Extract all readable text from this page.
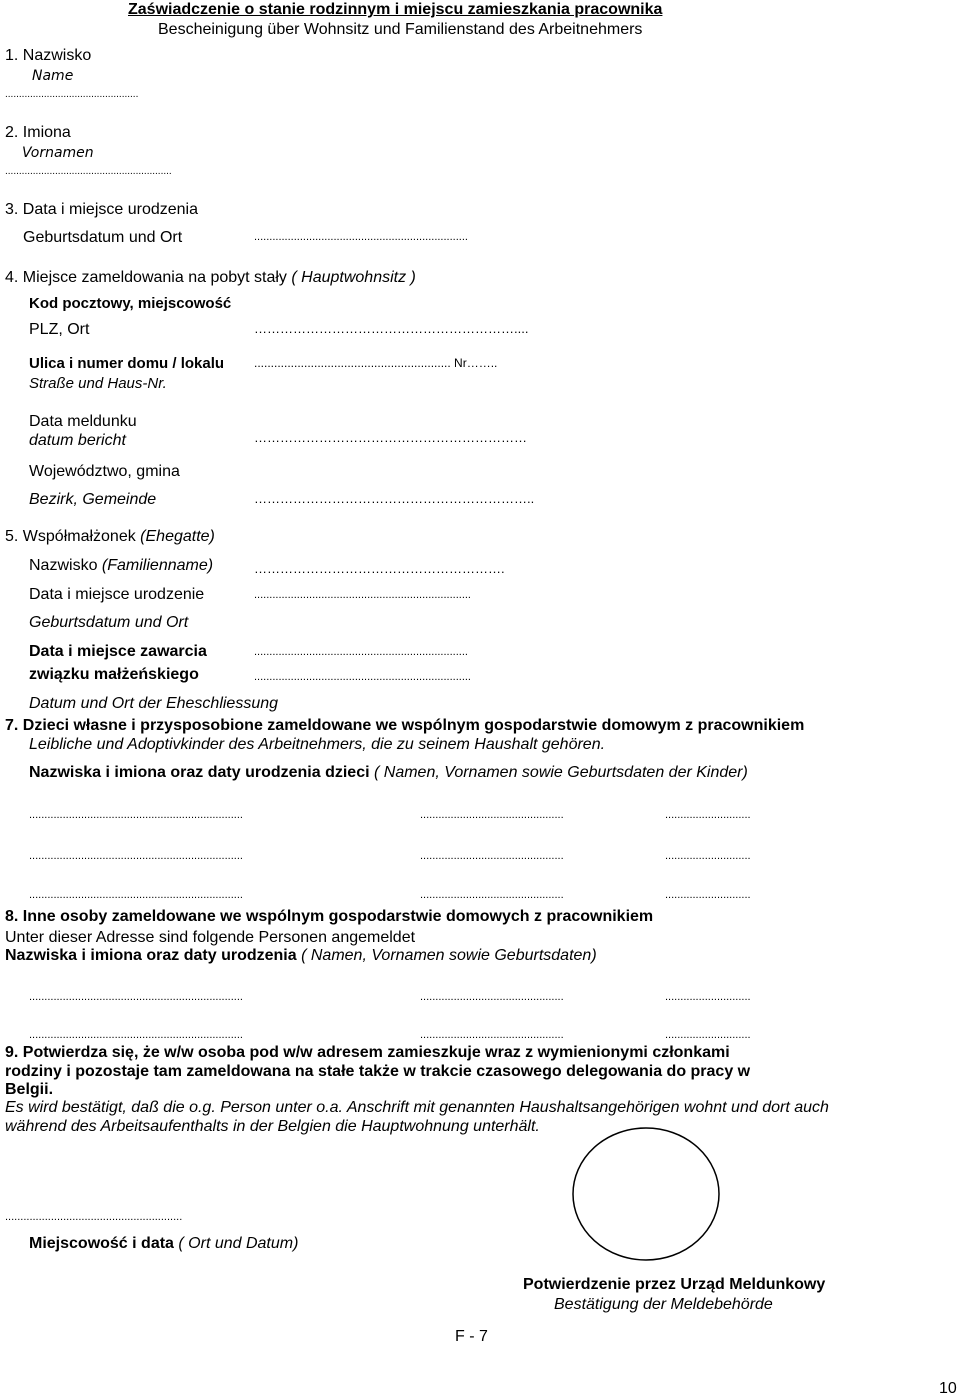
Zaświadczenie o stanie rodzinnym i miejscu zamieszkania pracownika
Bescheinigung über Wohnsitz und Familienstand des Arbeitnehmers
1. Nazwisko
Name
................................................
2. Imiona
Vornamen
............................................................
3. Data i miejsce urodzenia
Geburtsdatum und Ort	......................................................................
4. Miejsce zameldowania na pobyt stały ( Hauptwohnsitz )
Kod pocztowy, miejscowość
PLZ, Ort	……………………………………………………....
Ulica i numer domu / lokalu
Straße und Haus-Nr.
........................................................... Nr……..
Data meldunku
datum bericht	………………………………………………………
Województwo, gmina
Bezirk, Gemeinde	………………………………………………………..
5. Współmałżonek (Ehegatte)
Nazwisko (Familienname)	………………………………………………….
Data i miejsce urodzenie
Geburtsdatum und Ort
.......................................................................
Data i miejsce zawarcia
związku małżeńskiego
......................................................................
.......................................................................
Datum und Ort der Eheschliessung
7. Dzieci własne i przysposobione zameldowane we wspólnym gospodarstwie domowym z pracownikiem
Leibliche und Adoptivkinder des Arbeitnehmers, die zu seinem Haushalt gehören.
Nazwiska i imiona oraz daty urodzenia dzieci ( Namen, Vornamen sowie Geburtsdaten der Kinder)
......................................................................	...............................................	............................
......................................................................	...............................................	............................
......................................................................	...............................................	............................
8. Inne osoby zameldowane we wspólnym gospodarstwie domowych z pracownikiem
Unter dieser Adresse sind folgende Personen angemeldet
Nazwiska i imiona oraz daty urodzenia ( Namen, Vornamen sowie Geburtsdaten)
......................................................................	...............................................	............................
......................................................................	...............................................	............................
9. Potwierdza się, że w/w osoba pod w/w adresem zamieszkuje wraz z wymienionymi członkami
rodziny i pozostaje tam zameldowana na stałe także w trakcie czasowego delegowania do pracy w
Belgii.
Es wird bestätigt, daß die o.g. Person unter o.a. Anschrift mit genannten Haushaltsangehörigen wohnt und dort auch
während des Arbeitsaufenthalts in der Belgien die Hauptwohnung unterhält.
..........................................................
Miejscowość i data ( Ort und Datum)
Potwierdzenie przez Urząd Meldunkowy
Bestätigung der Meldebehörde
F - 7
10
